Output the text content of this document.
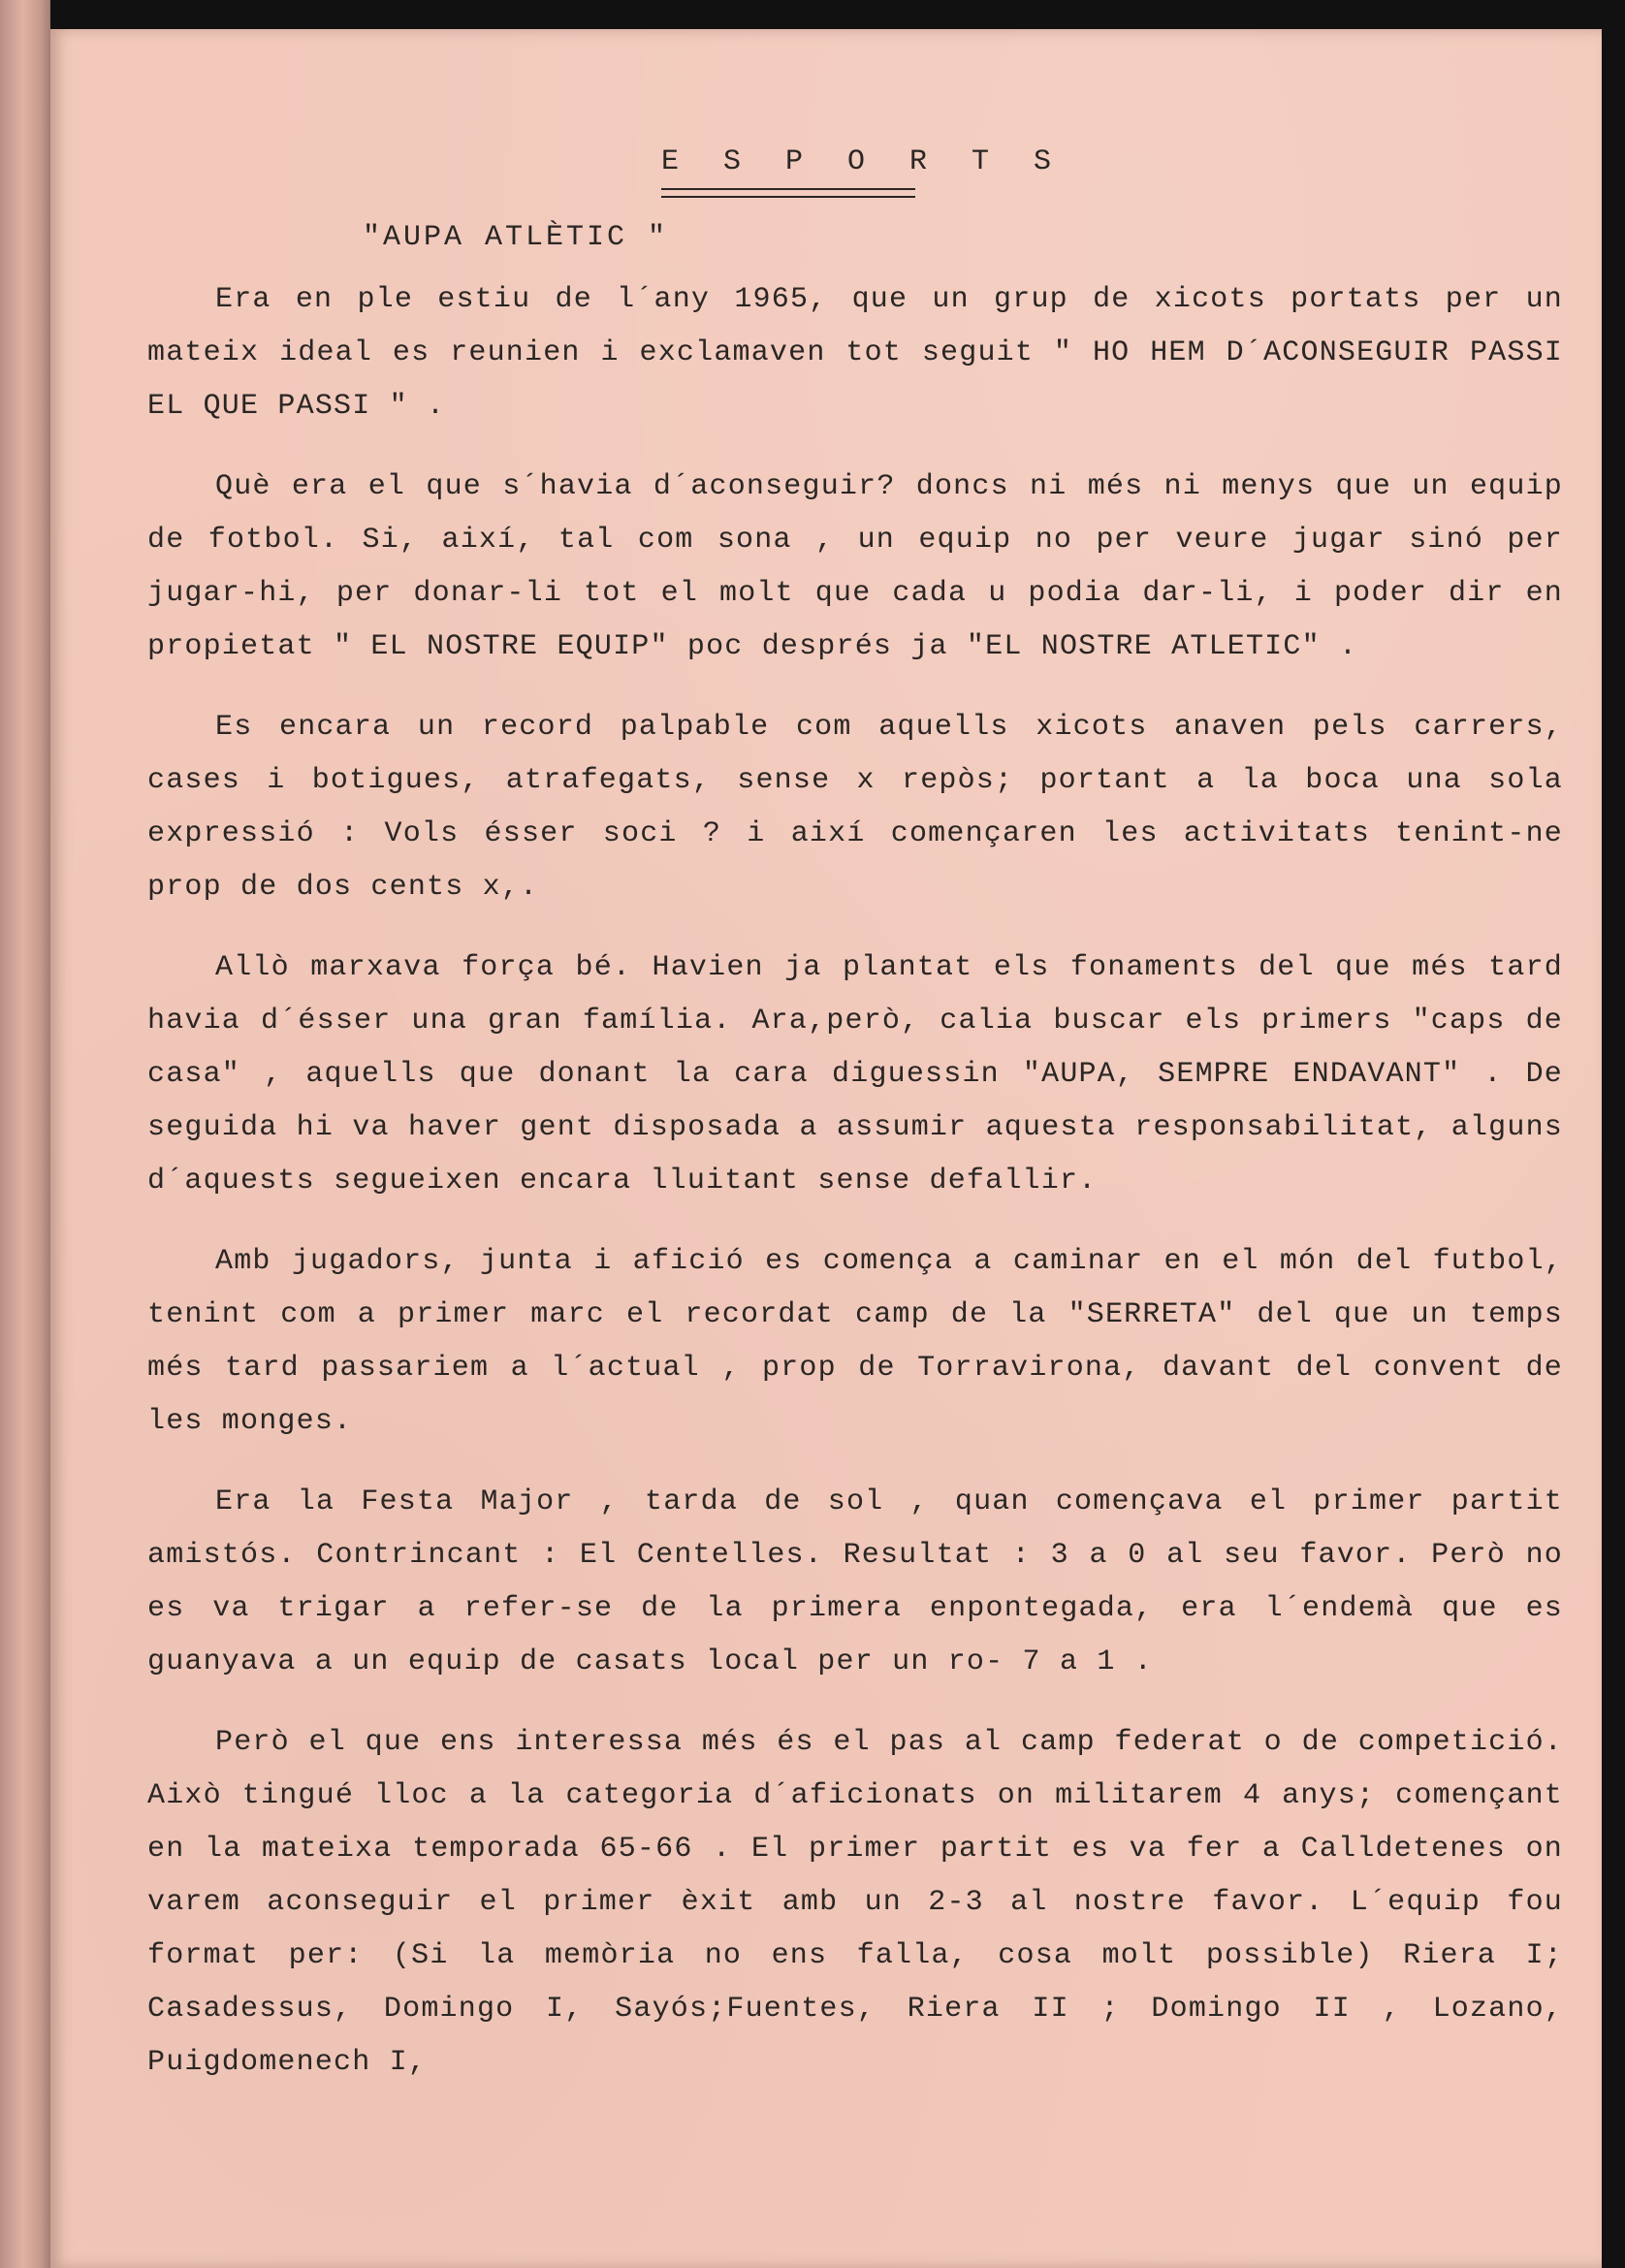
E S P O R T S
"AUPA ATLÈTIC "

Era en ple estiu de l´any 1965, que un grup de xicots portats per un mateix ideal es reunien i exclamaven tot seguit " HO HEM D´ACONSEGUIR PASSI EL QUE PASSI " .

Què era el que s´havia d´aconseguir? doncs ni més ni menys que un equip de fotbol. Si, així, tal com sona , un equip no per veure jugar sinó per jugar-hi, per donar-li tot el molt que cada u podia dar-li, i poder dir en propietat " EL NOSTRE EQUIP" poc després ja "EL NOSTRE ATLETIC" .

Es encara un record palpable com aquells xicots anaven pels carrers, cases i botigues, atrafegats, sense x repòs; portant a la boca una sola expressió : Vols ésser soci ? i així començaren les activitats tenint-ne prop de dos cents x,.

Allò marxava força bé. Havien ja plantat els fonaments del que més tard havia d´ésser una gran família. Ara,però, calia buscar els primers "caps de casa" , aquells que donant la cara diguessin "AUPA, SEMPRE ENDAVANT" . De seguida hi va haver gent disposada a assumir aquesta responsabilitat, alguns d´aquests segueixen encara lluitant sense defallir.

Amb jugadors, junta i afició es comença a caminar en el món del futbol, tenint com a primer marc el recordat camp de la "SERRETA" del que un temps més tard passariem a l´actual , prop de Torravirona, davant del convent de les monges.

Era la Festa Major , tarda de sol , quan començava el primer partit amistós. Contrincant : El Centelles. Resultat : 3 a 0 al seu favor. Però no es va trigar a refer-se de la primera enpontegada, era l´endemà que es guanyava a un equip de casats local per un ro- 7 a 1 .

Però el que ens interessa més és el pas al camp federat o de competició. Això tingué lloc a la categoria d´aficionats on militarem 4 anys; començant en la mateixa temporada 65-66 . El primer partit es va fer a Calldetenes on varem aconseguir el primer èxit amb un 2-3 al nostre favor. L´equip fou format per: (Si la memòria no ens falla, cosa molt possible) Riera I; Casadessus, Domingo I, Sayós;Fuentes, Riera II ; Domingo II , Lozano, Puigdomenech I,
